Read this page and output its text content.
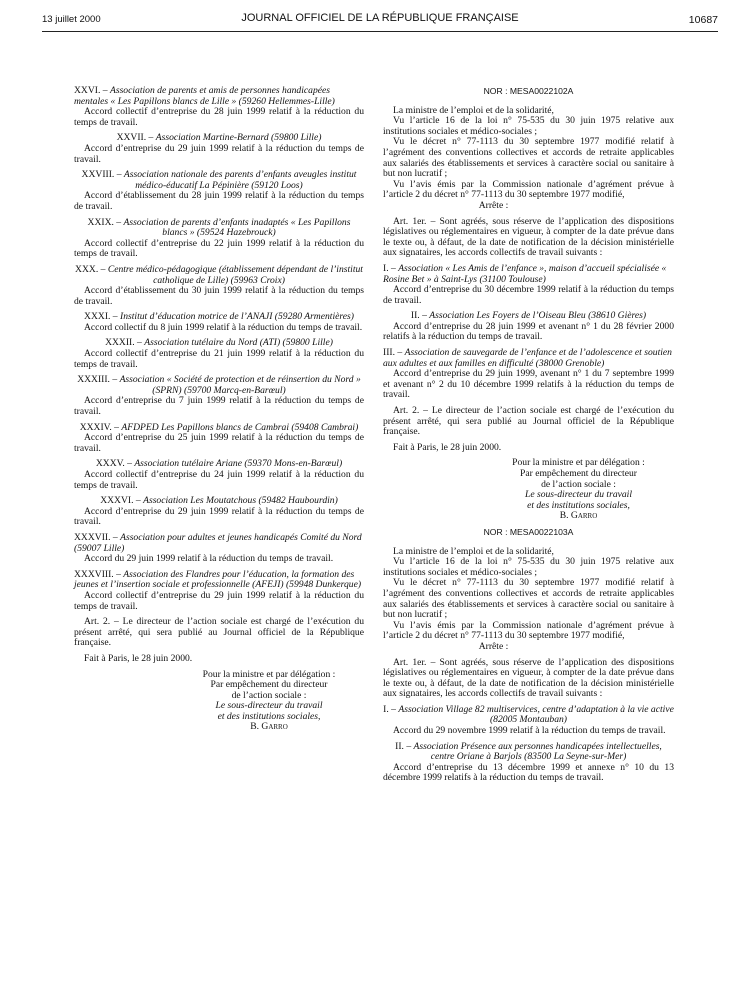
13 juillet 2000	JOURNAL OFFICIEL DE LA RÉPUBLIQUE FRANÇAISE	10687
XXVI. – Association de parents et amis de personnes handicapées mentales « Les Papillons blancs de Lille » (59260 Hellemmes-Lille)
Accord collectif d’entreprise du 28 juin 1999 relatif à la réduction du temps de travail.
XXVII. – Association Martine-Bernard (59800 Lille)
Accord d’entreprise du 29 juin 1999 relatif à la réduction du temps de travail.
XXVIII. – Association nationale des parents d’enfants aveugles institut médico-éducatif La Pépinière (59120 Loos)
Accord d’établissement du 28 juin 1999 relatif à la réduction du temps de travail.
XXIX. – Association de parents d’enfants inadaptés « Les Papillons blancs » (59524 Hazebrouck)
Accord collectif d’entreprise du 22 juin 1999 relatif à la réduction du temps de travail.
XXX. – Centre médico-pédagogique (établissement dépendant de l’institut catholique de Lille) (59963 Croix)
Accord d’établissement du 30 juin 1999 relatif à la réduction du temps de travail.
XXXI. – Institut d’éducation motrice de l’ANAJI (59280 Armentières)
Accord collectif du 8 juin 1999 relatif à la réduction du temps de travail.
XXXII. – Association tutélaire du Nord (ATI) (59800 Lille)
Accord collectif d’entreprise du 21 juin 1999 relatif à la réduction du temps de travail.
XXXIII. – Association « Société de protection et de réinsertion du Nord » (SPRN) (59700 Marcq-en-Barœul)
Accord d’entreprise du 7 juin 1999 relatif à la réduction du temps de travail.
XXXIV. – AFDPED Les Papillons blancs de Cambrai (59408 Cambrai)
Accord d’entreprise du 25 juin 1999 relatif à la réduction du temps de travail.
XXXV. – Association tutélaire Ariane (59370 Mons-en-Barœul)
Accord collectif d’entreprise du 24 juin 1999 relatif à la réduction du temps de travail.
XXXVI. – Association Les Moutatchous (59482 Haubourdin)
Accord d’entreprise du 29 juin 1999 relatif à la réduction du temps de travail.
XXXVII. – Association pour adultes et jeunes handicapés Comité du Nord (59007 Lille)
Accord du 29 juin 1999 relatif à la réduction du temps de travail.
XXXVIII. – Association des Flandres pour l’éducation, la formation des jeunes et l’insertion sociale et professionnelle (AFEJI) (59948 Dunkerque)
Accord collectif d’entreprise du 29 juin 1999 relatif à la réduction du temps de travail.
Art. 2. – Le directeur de l’action sociale est chargé de l’exécution du présent arrêté, qui sera publié au Journal officiel de la République française.
Fait à Paris, le 28 juin 2000.
Pour la ministre et par délégation :
Par empêchement du directeur
de l’action sociale :
Le sous-directeur du travail
et des institutions sociales,
B. Garro
NOR : MESA0022102A
La ministre de l’emploi et de la solidarité,
Vu l’article 16 de la loi n° 75-535 du 30 juin 1975 relative aux institutions sociales et médico-sociales ;
Vu le décret n° 77-1113 du 30 septembre 1977 modifié relatif à l’agrément des conventions collectives et accords de retraite applicables aux salariés des établissements et services à caractère social ou sanitaire à but non lucratif ;
Vu l’avis émis par la Commission nationale d’agrément prévue à l’article 2 du décret n° 77-1113 du 30 septembre 1977 modifié,
Arrête :
Art. 1er. – Sont agréés, sous réserve de l’application des dispositions législatives ou réglementaires en vigueur, à compter de la date prévue dans le texte ou, à défaut, de la date de notification de la décision ministérielle aux signataires, les accords collectifs de travail suivants :
I. – Association « Les Amis de l’enfance », maison d’accueil spécialisée « Rosine Bet » à Saint-Lys (31100 Toulouse)
Accord d’entreprise du 30 décembre 1999 relatif à la réduction du temps de travail.
II. – Association Les Foyers de l’Oiseau Bleu (38610 Gières)
Accord d’entreprise du 28 juin 1999 et avenant n° 1 du 28 février 2000 relatifs à la réduction du temps de travail.
III. – Association de sauvegarde de l’enfance et de l’adolescence et soutien aux adultes et aux familles en difficulté (38000 Grenoble)
Accord d’entreprise du 29 juin 1999, avenant n° 1 du 7 septembre 1999 et avenant n° 2 du 10 décembre 1999 relatifs à la réduction du temps de travail.
Art. 2. – Le directeur de l’action sociale est chargé de l’exécution du présent arrêté, qui sera publié au Journal officiel de la République française.
Fait à Paris, le 28 juin 2000.
Pour la ministre et par délégation :
Par empêchement du directeur
de l’action sociale :
Le sous-directeur du travail
et des institutions sociales,
B. Garro
NOR : MESA0022103A
La ministre de l’emploi et de la solidarité,
Vu l’article 16 de la loi n° 75-535 du 30 juin 1975 relative aux institutions sociales et médico-sociales ;
Vu le décret n° 77-1113 du 30 septembre 1977 modifié relatif à l’agrément des conventions collectives et accords de retraite applicables aux salariés des établissements et services à caractère social ou sanitaire à but non lucratif ;
Vu l’avis émis par la Commission nationale d’agrément prévue à l’article 2 du décret n° 77-1113 du 30 septembre 1977 modifié,
Arrête :
Art. 1er. – Sont agréés, sous réserve de l’application des dispositions législatives ou réglementaires en vigueur, à compter de la date prévue dans le texte ou, à défaut, de la date de notification de la décision ministérielle aux signataires, les accords collectifs de travail suivants :
I. – Association Village 82 multiservices, centre d’adaptation à la vie active (82005 Montauban)
Accord du 29 novembre 1999 relatif à la réduction du temps de travail.
II. – Association Présence aux personnes handicapées intellectuelles, centre Oriane à Barjols (83500 La Seyne-sur-Mer)
Accord d’entreprise du 13 décembre 1999 et annexe n° 10 du 13 décembre 1999 relatifs à la réduction du temps de travail.
